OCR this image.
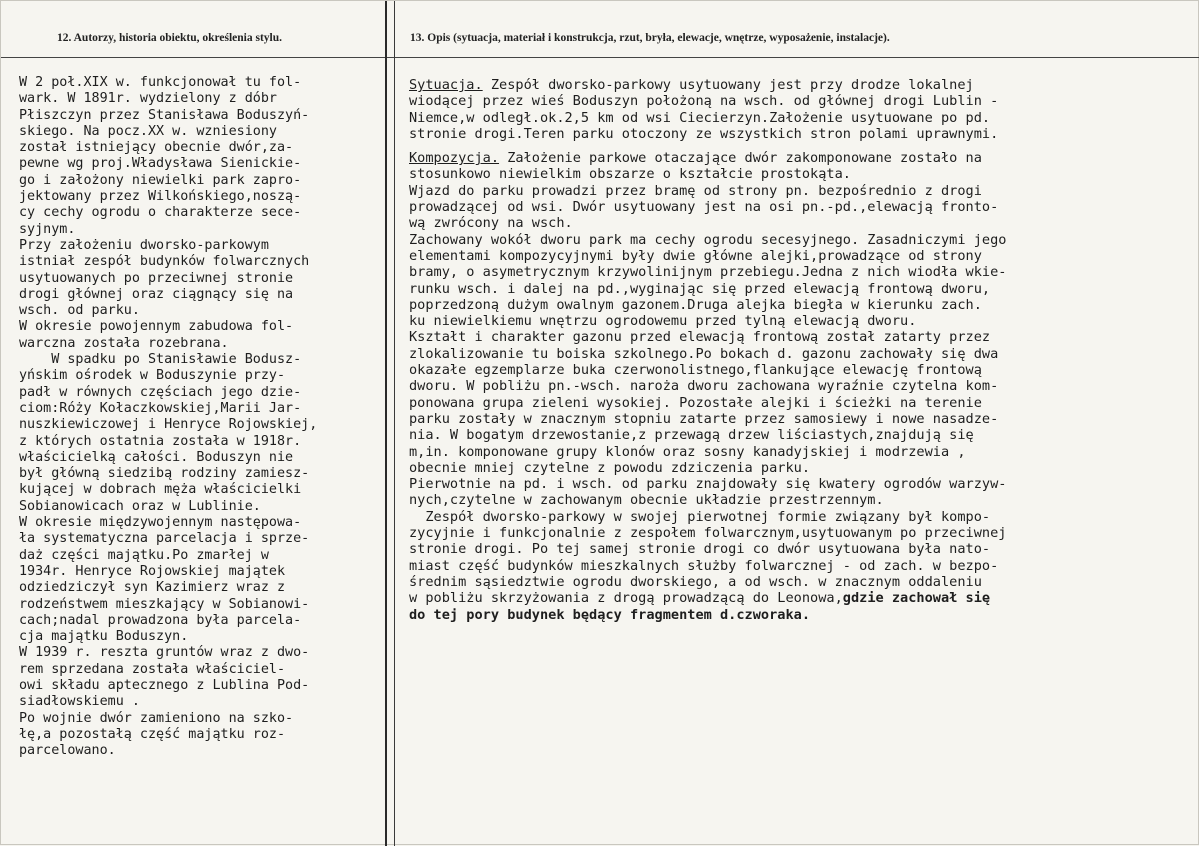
12. Autorzy, historia obiektu, określenia stylu.	13. Opis (sytuacja, materiał i konstrukcja, rzut, bryła, elewacje, wnętrze, wyposażenie, instalacje).
W 2 poł.XIX w. funkcjonował tu fol-
wark. W 1891r. wydzielony z dóbr
Płiszczyn przez Stanisława Boduszyń-
skiego. Na pocz.XX w. wzniesiony
został istniejący obecnie dwór,za-
pewne wg proj.Władysława Sienickie-
go i założony niewielki park zapro-
jektowany przez Wilkońskiego,noszą-
cy cechy ogrodu o charakterze sece-
syjnym.
Przy założeniu dworsko-parkowym
istniał zespół budynków folwarcznych
usytuowanych po przeciwnej stronie
drogi głównej oraz ciągnący się na
wsch. od parku.
W okresie powojennym zabudowa fol-
warczna została rozebrana.
W spadku po Stanisławie Bodusz-
yńskim ośrodek w Boduszynie przy-
padł w równych częściach jego dzie-
ciom:Róży Kołaczkowskiej,Marii Jar-
nuszkiewiczowej i Henryce Rojowskiej,
z których ostatnia została w 1918r.
właścicielką całości. Boduszyn nie
był główną siedzibą rodziny zamiesz-
kującej w dobrach męża właścicielki
Sobianowicach oraz w Lublinie.
W okresie międzywojennym następowa-
ła systematyczna parcelacja i sprze-
daż części majątku.Po zmarłej w
1934r. Henryce Rojowskiej majątek
odziedziczył syn Kazimierz wraz z
rodzeństwem mieszkający w Sobianowi-
cach;nadal prowadzona była parcela-
cja majątku Boduszyn.
W 1939 r. reszta gruntów wraz z dwo-
rem sprzedana została właściciel-
owi składu aptecznego z Lublina Pod-
siadłowskiemu .
Po wojnie dwór zamieniono na szko-
łę,a pozostałą część majątku roz-
parcelowano.
Sytuacja. Zespół dworsko-parkowy usytuowany jest przy drodze lokalnej
wiodącej przez wieś Boduszyn położoną na wsch. od głównej drogi Lublin -
Niemce,w odległ.ok.2,5 km od wsi Ciecierzyn.Założenie usytuowane po pd.
stronie drogi.Teren parku otoczony ze wszystkich stron polami uprawnymi.
Kompozycja. Założenie parkowe otaczające dwór zakomponowane zostało na
stosunkowo niewielkim obszarze o kształcie prostokąta.
Wjazd do parku prowadzi przez bramę od strony pn. bezpośrednio z drogi
prowadzącej od wsi. Dwór usytuowany jest na osi pn.-pd.,elewacją fronto-
wą zwrócony na wsch.
Zachowany wokół dworu park ma cechy ogrodu secesyjnego. Zasadniczymi jego
elementami kompozycyjnymi były dwie główne alejki,prowadzące od strony
bramy, o asymetrycznym krzywolinijnym przebiegu.Jedna z nich wiodła wkie-
runku wsch. i dalej na pd.,wyginając się przed elewacją frontową dworu,
poprzedzoną dużym owalnym gazonem.Druga alejka biegła w kierunku zach.
ku niewielkiemu wnętrzu ogrodowemu przed tylną elewacją dworu.
Kształt i charakter gazonu przed elewacją frontową został zatarty przez
zlokalizowanie tu boiska szkolnego.Po bokach d. gazonu zachowały się dwa
okazałe egzemplarze buka czerwonolistnego,flankujące elewację frontową
dworu. W pobliżu pn.-wsch. naroża dworu zachowana wyraźnie czytelna kom-
ponowana grupa zieleni wysokiej. Pozostałe alejki i ścieżki na terenie
parku zostały w znacznym stopniu zatarte przez samosiewy i nowe nasadze-
nia. W bogatym drzewostanie,z przewagą drzew liściastych,znajdują się
m,in. komponowane grupy klonów oraz sosny kanadyjskiej i modrzewia ,
obecnie mniej czytelne z powodu zdziczenia parku.
Pierwotnie na pd. i wsch. od parku znajdowały się kwatery ogrodów warzyw-
nych,czytelne w zachowanym obecnie układzie przestrzennym.
Zespół dworsko-parkowy w swojej pierwotnej formie związany był kompo-
zycyjnie i funkcjonalnie z zespołem folwarcznym,usytuowanym po przeciwnej
stronie drogi. Po tej samej stronie drogi co dwór usytuowana była nato-
miast część budynków mieszkalnych służby folwarcznej - od zach. w bezpo-
średnim sąsiedztwie ogrodu dworskiego, a od wsch. w znacznym oddaleniu
w pobliżu skrzyżowania z drogą prowadzącą do Leonowa,gdzie zachował się
do tej pory budynek będący fragmentem d.czworaka.
